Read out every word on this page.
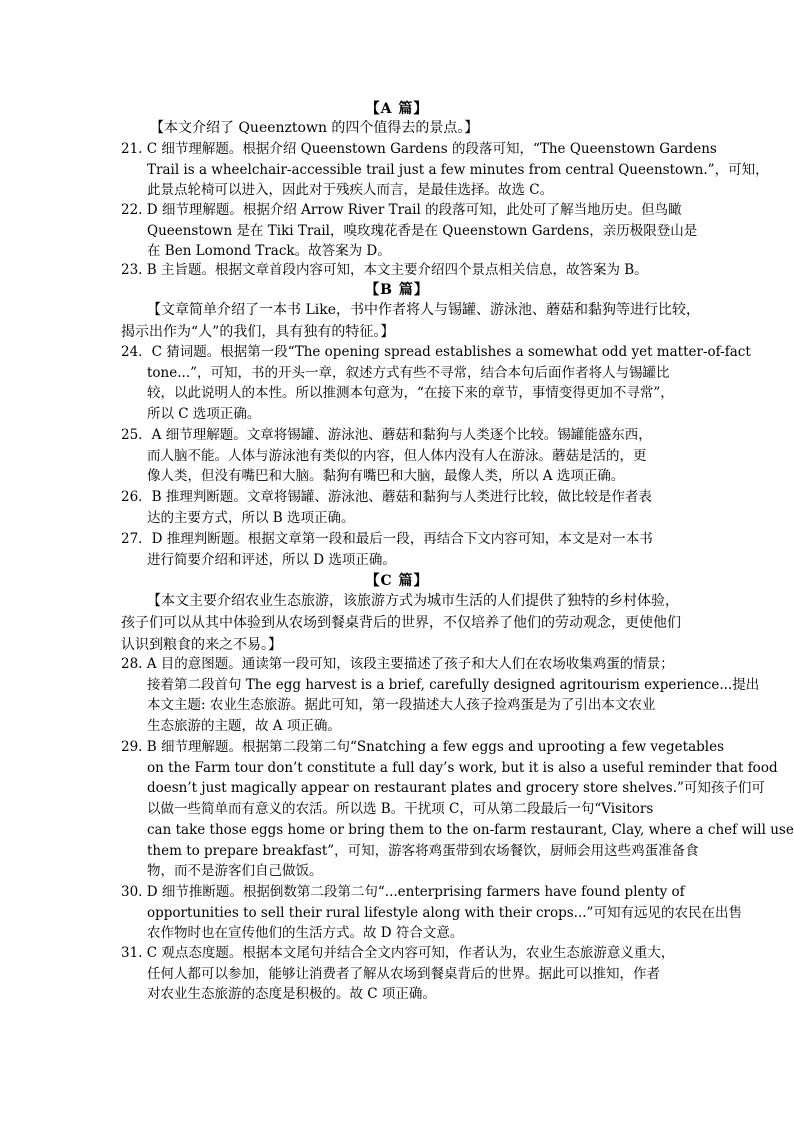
【A 篇】
【本文介绍了 Queenztown 的四个值得去的景点。】
21. C 细节理解题。根据介绍 Queenstown Gardens 的段落可知，“The Queenstown Gardens
Trail is a wheelchair-accessible trail just a few minutes from central Queenstown.”，可知，
此景点轮椅可以进入，因此对于残疾人而言，是最佳选择。故选 C。
22. D 细节理解题。根据介绍 Arrow River Trail 的段落可知，此处可了解当地历史。但鸟瞰
Queenstown 是在 Tiki Trail，嗅玫瑰花香是在 Queenstown Gardens，亲历极限登山是
在 Ben Lomond Track。故答案为 D。
23. B 主旨题。根据文章首段内容可知，本文主要介绍四个景点相关信息，故答案为 B。
【B 篇】
【文章简单介绍了一本书 Like，书中作者将人与锡罐、游泳池、蘑菇和黏狗等进行比较，
揭示出作为“人”的我们，具有独有的特征。】
24．C 猜词题。根据第一段“The opening spread establishes a somewhat odd yet matter-of-fact
tone...”，可知，书的开头一章，叙述方式有些不寻常，结合本句后面作者将人与锡罐比
较，以此说明人的本性。所以推测本句意为，“在接下来的章节，事情变得更加不寻常”，
所以 C 选项正确。
25．A 细节理解题。文章将锡罐、游泳池、蘑菇和黏狗与人类逐个比较。锡罐能盛东西，
而人脑不能。人体与游泳池有类似的内容，但人体内没有人在游泳。蘑菇是活的，更
像人类，但没有嘴巴和大脑。黏狗有嘴巴和大脑，最像人类，所以 A 选项正确。
26．B 推理判断题。文章将锡罐、游泳池、蘑菇和黏狗与人类进行比较，做比较是作者表
达的主要方式，所以 B 选项正确。
27．D 推理判断题。根据文章第一段和最后一段，再结合下文内容可知，本文是对一本书
进行简要介绍和评述，所以 D 选项正确。
【C 篇】
【本文主要介绍农业生态旅游，该旅游方式为城市生活的人们提供了独特的乡村体验，
孩子们可以从其中体验到从农场到餐桌背后的世界，不仅培养了他们的劳动观念，更使他们
认识到粮食的来之不易。】
28. A 目的意图题。通读第一段可知，该段主要描述了孩子和大人们在农场收集鸡蛋的情景；
接着第二段首句 The egg harvest is a brief, carefully designed agritourism experience...提出
本文主题: 农业生态旅游。据此可知，第一段描述大人孩子捡鸡蛋是为了引出本文农业
生态旅游的主题，故 A 项正确。
29. B 细节理解题。根据第二段第二句“Snatching a few eggs and uprooting a few vegetables
on the Farm tour don’t constitute a full day’s work, but it is also a useful reminder that food
doesn’t just magically appear on restaurant plates and grocery store shelves.”可知孩子们可
以做一些简单而有意义的农活。所以选 B。干扰项 C，可从第二段最后一句“Visitors
can take those eggs home or bring them to the on-farm restaurant, Clay, where a chef will use
them to prepare breakfast”，可知，游客将鸡蛋带到农场餐饮，厨师会用这些鸡蛋准备食
物，而不是游客们自己做饭。
30. D 细节推断题。根据倒数第二段第二句“...enterprising farmers have found plenty of
opportunities to sell their rural lifestyle along with their crops...”可知有远见的农民在出售
农作物时也在宣传他们的生活方式。故 D 符合文意。
31. C 观点态度题。根据本文尾句并结合全文内容可知，作者认为，农业生态旅游意义重大，
任何人都可以参加，能够让消费者了解从农场到餐桌背后的世界。据此可以推知，作者
对农业生态旅游的态度是积极的。故 C 项正确。
